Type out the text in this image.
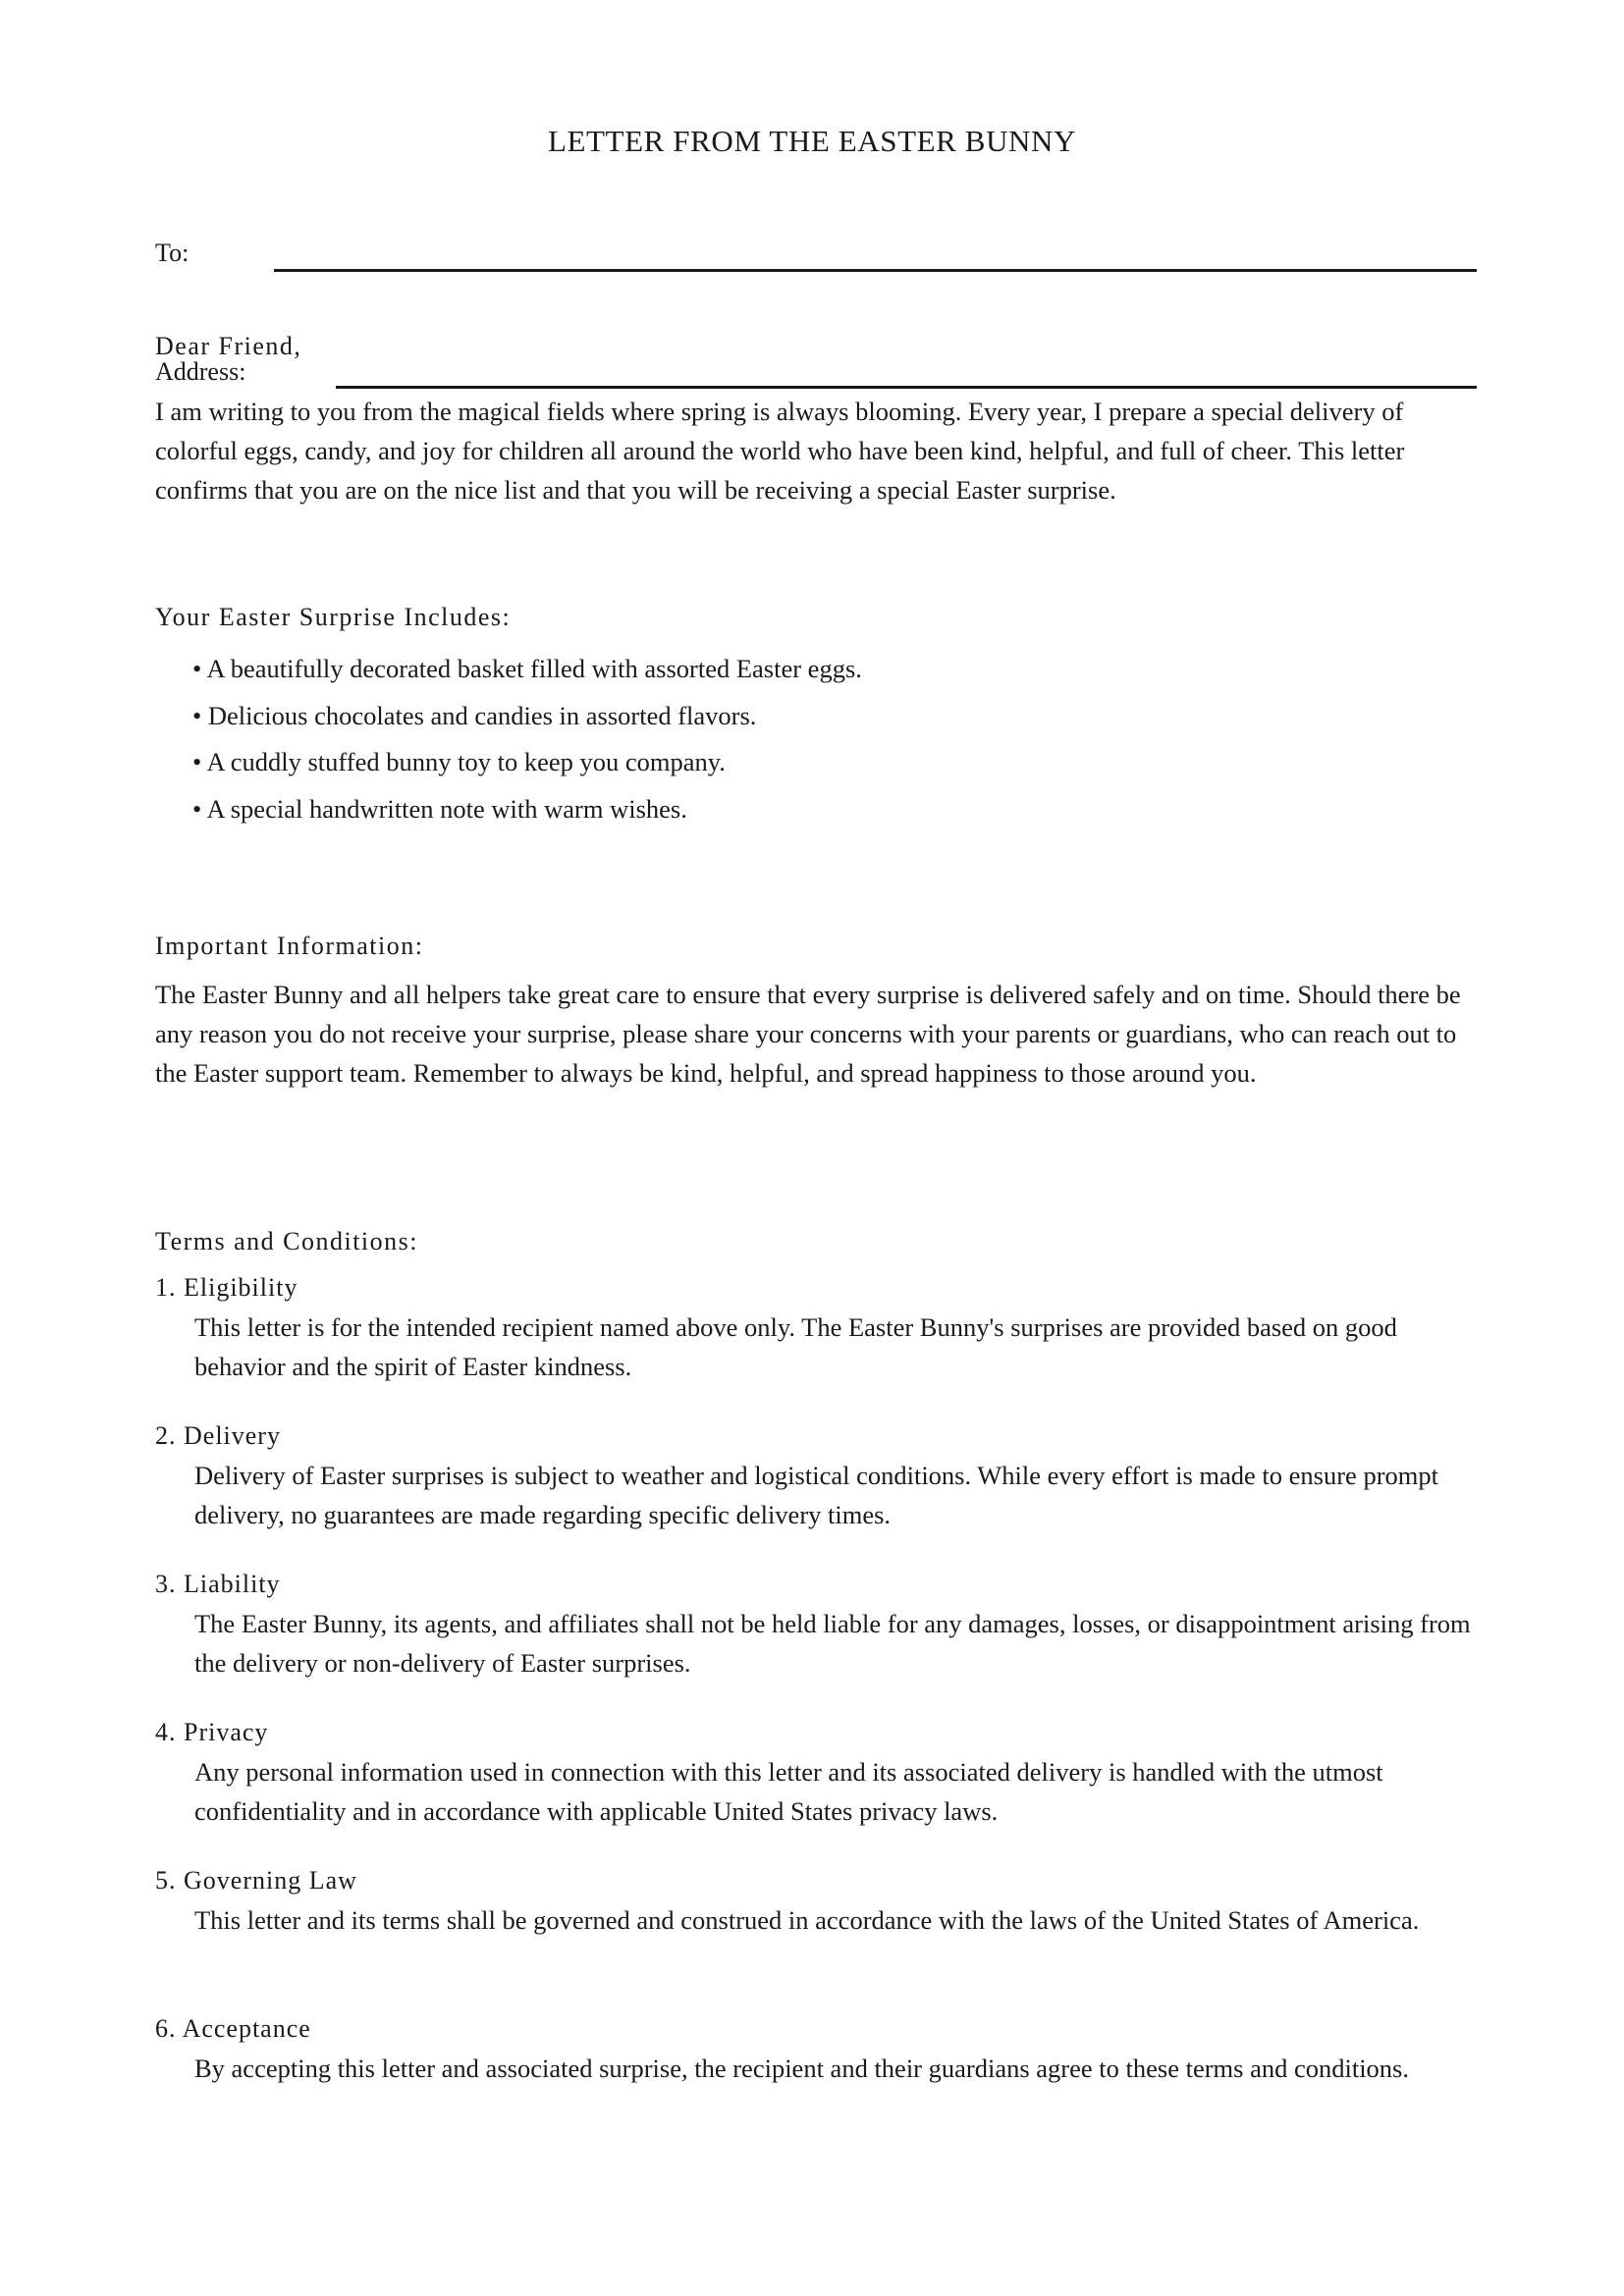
LETTER FROM THE EASTER BUNNY
To:
Dear Friend,
Address:

I am writing to you from the magical fields where spring is always blooming. Every year, I prepare a special delivery of colorful eggs, candy, and joy for children all around the world who have been kind, helpful, and full of cheer. This letter confirms that you are on the nice list and that you will be receiving a special Easter surprise.

Your Easter Surprise Includes:
• A beautifully decorated basket filled with assorted Easter eggs.
• Delicious chocolates and candies in assorted flavors.
• A cuddly stuffed bunny toy to keep you company.
• A special handwritten note with warm wishes.
Important Information:

The Easter Bunny and all helpers take great care to ensure that every surprise is delivered safely and on time. Should there be any reason you do not receive your surprise, please share your concerns with your parents or guardians, who can reach out to the Easter support team. Remember to always be kind, helpful, and spread happiness to those around you.

Terms and Conditions:
1. Eligibility
This letter is for the intended recipient named above only. The Easter Bunny's surprises are provided based on good behavior and the spirit of Easter kindness.
2. Delivery
Delivery of Easter surprises is subject to weather and logistical conditions. While every effort is made to ensure prompt delivery, no guarantees are made regarding specific delivery times.
3. Liability
The Easter Bunny, its agents, and affiliates shall not be held liable for any damages, losses, or disappointment arising from the delivery or non-delivery of Easter surprises.
4. Privacy
Any personal information used in connection with this letter and its associated delivery is handled with the utmost confidentiality and in accordance with applicable United States privacy laws.
5. Governing Law
This letter and its terms shall be governed and construed in accordance with the laws of the United States of America.
6. Acceptance
By accepting this letter and associated surprise, the recipient and their guardians agree to these terms and conditions.
